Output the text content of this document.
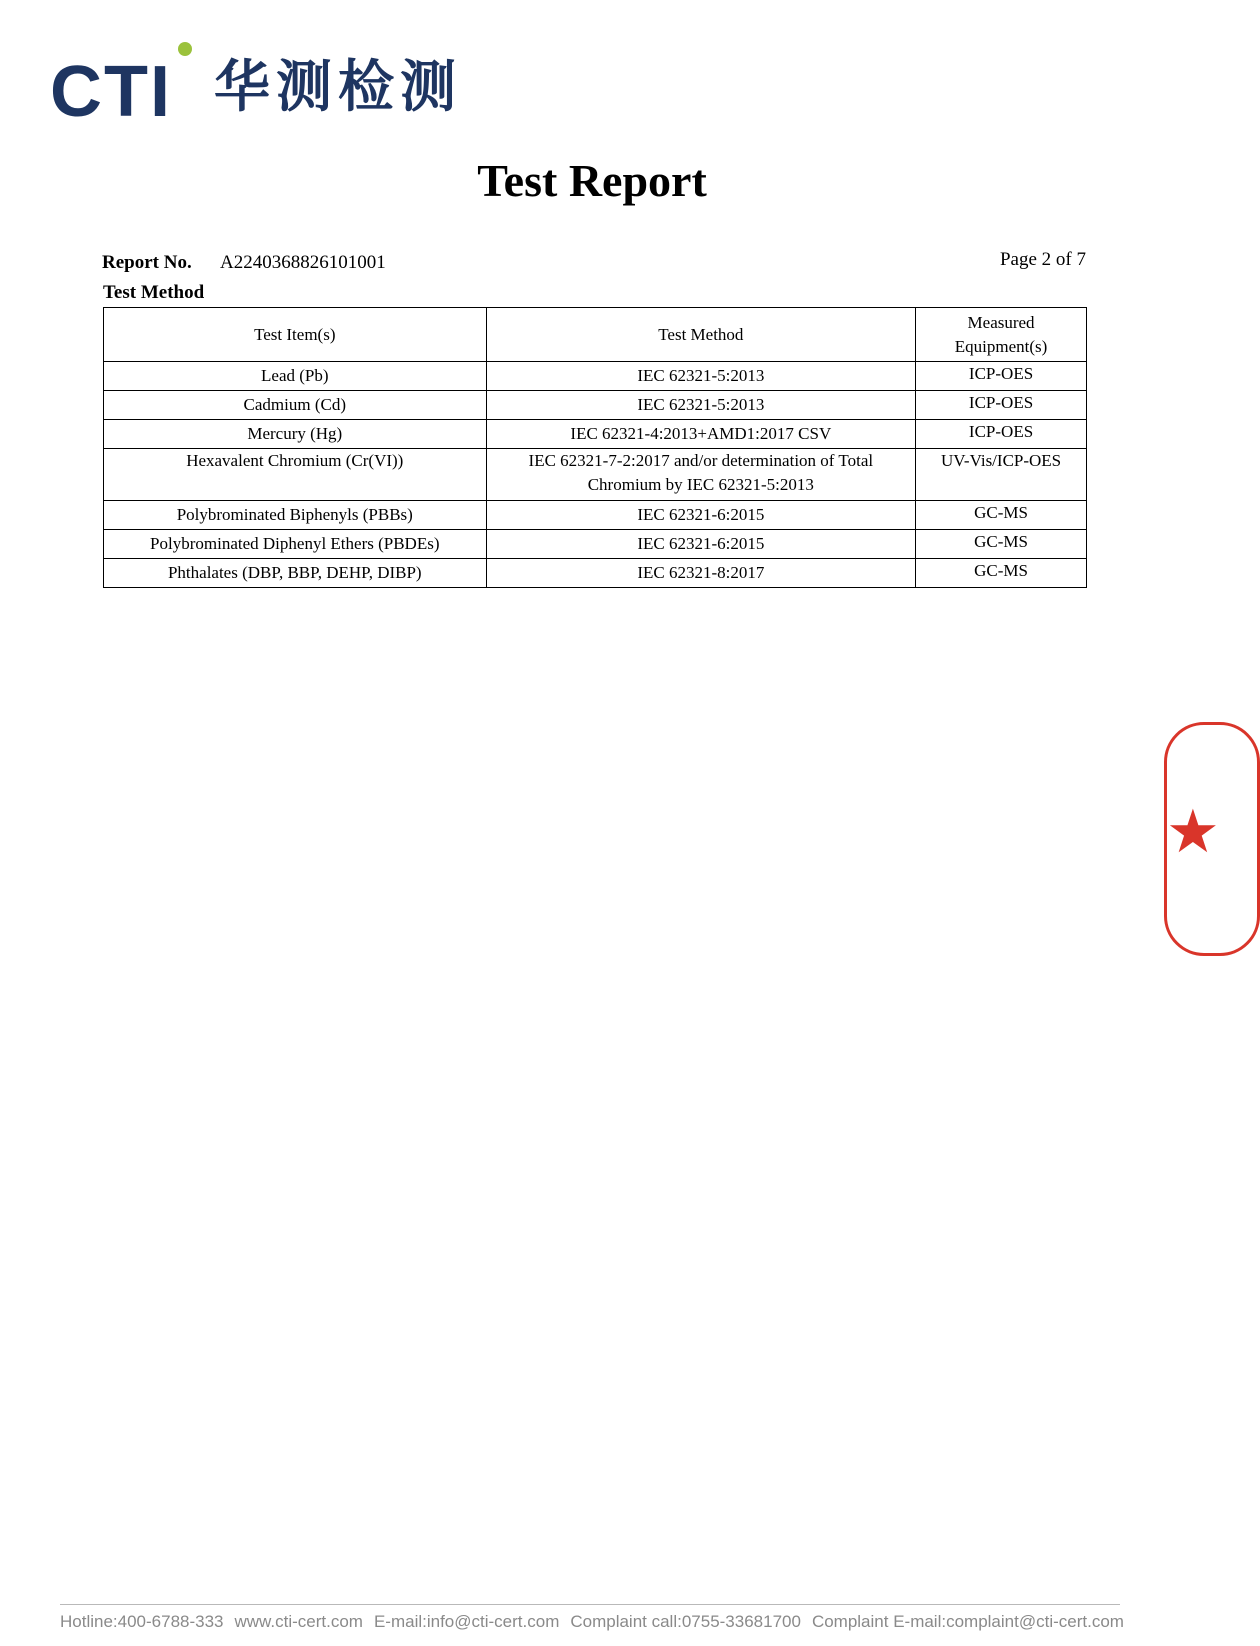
CTI 华测检测
Test Report
Report No. A2240368826101001	Page 2 of 7
Test Method
Test Item(s)	Test Method	Measured Equipment(s)
Lead (Pb)	IEC 62321-5:2013	ICP-OES
Cadmium (Cd)	IEC 62321-5:2013	ICP-OES
Mercury (Hg)	IEC 62321-4:2013+AMD1:2017 CSV	ICP-OES
Hexavalent Chromium (Cr(VI))	IEC 62321-7-2:2017 and/or determination of Total Chromium by IEC 62321-5:2013	UV-Vis/ICP-OES
Polybrominated Biphenyls (PBBs)	IEC 62321-6:2015	GC-MS
Polybrominated Diphenyl Ethers (PBDEs)	IEC 62321-6:2015	GC-MS
Phthalates (DBP, BBP, DEHP, DIBP)	IEC 62321-8:2017	GC-MS
★
Hotline:400-6788-333 www.cti-cert.com E-mail:info@cti-cert.com Complaint call:0755-33681700 Complaint E-mail:complaint@cti-cert.com
